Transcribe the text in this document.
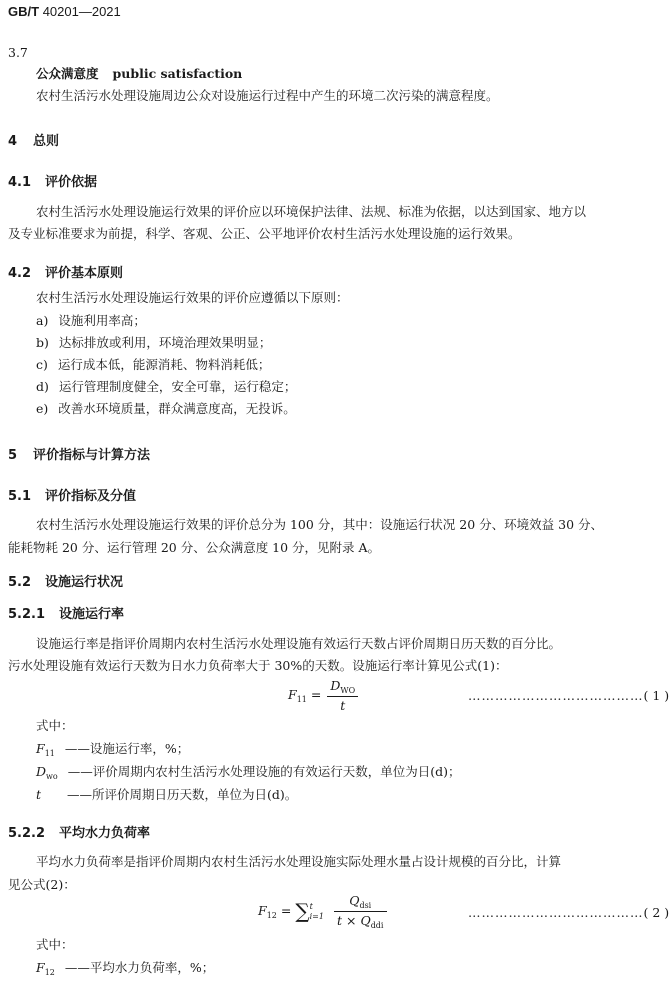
GB/T 40201—2021
3.7
公众满意度 public satisfaction
农村生活污水处理设施周边公众对设施运行过程中产生的环境二次污染的满意程度。
4 总则
4.1 评价依据
农村生活污水处理设施运行效果的评价应以环境保护法律、法规、标准为依据，以达到国家、地方以
及专业标准要求为前提，科学、客观、公正、公平地评价农村生活污水处理设施的运行效果。
4.2 评价基本原则
农村生活污水处理设施运行效果的评价应遵循以下原则：
a) 设施利用率高；
b) 达标排放或利用，环境治理效果明显；
c) 运行成本低，能源消耗、物料消耗低；
d) 运行管理制度健全，安全可靠，运行稳定；
e) 改善水环境质量，群众满意度高，无投诉。
5 评价指标与计算方法
5.1 评价指标及分值
农村生活污水处理设施运行效果的评价总分为 100 分，其中：设施运行状况 20 分、环境效益 30 分、
能耗物耗 20 分、运行管理 20 分、公众满意度 10 分，见附录 A。
5.2 设施运行状况
5.2.1 设施运行率
设施运行率是指评价周期内农村生活污水处理设施有效运行天数占评价周期日历天数的百分比。
污水处理设施有效运行天数为日水力负荷率大于 30%的天数。设施运行率计算见公式(1)：
$F_{11} = \frac{D_{WO}}{t}$	…………………………………( 1 )
式中：
$F_{11}$ ——设施运行率，%；
$D_{wo}$ ——评价周期内农村生活污水处理设施的有效运行天数，单位为日(d)；
t ——所评价周期日历天数，单位为日(d)。
5.2.2 平均水力负荷率
平均水力负荷率是指评价周期内农村生活污水处理设施实际处理水量占设计规模的百分比，计算
见公式(2)：
$F_{12}$ = ∑ t
i=1
$\frac{Q_{dsi}}{t \times Q_{ddi}}$	…………………………………( 2 )
式中：
$F_{12}$ ——平均水力负荷率，%；
